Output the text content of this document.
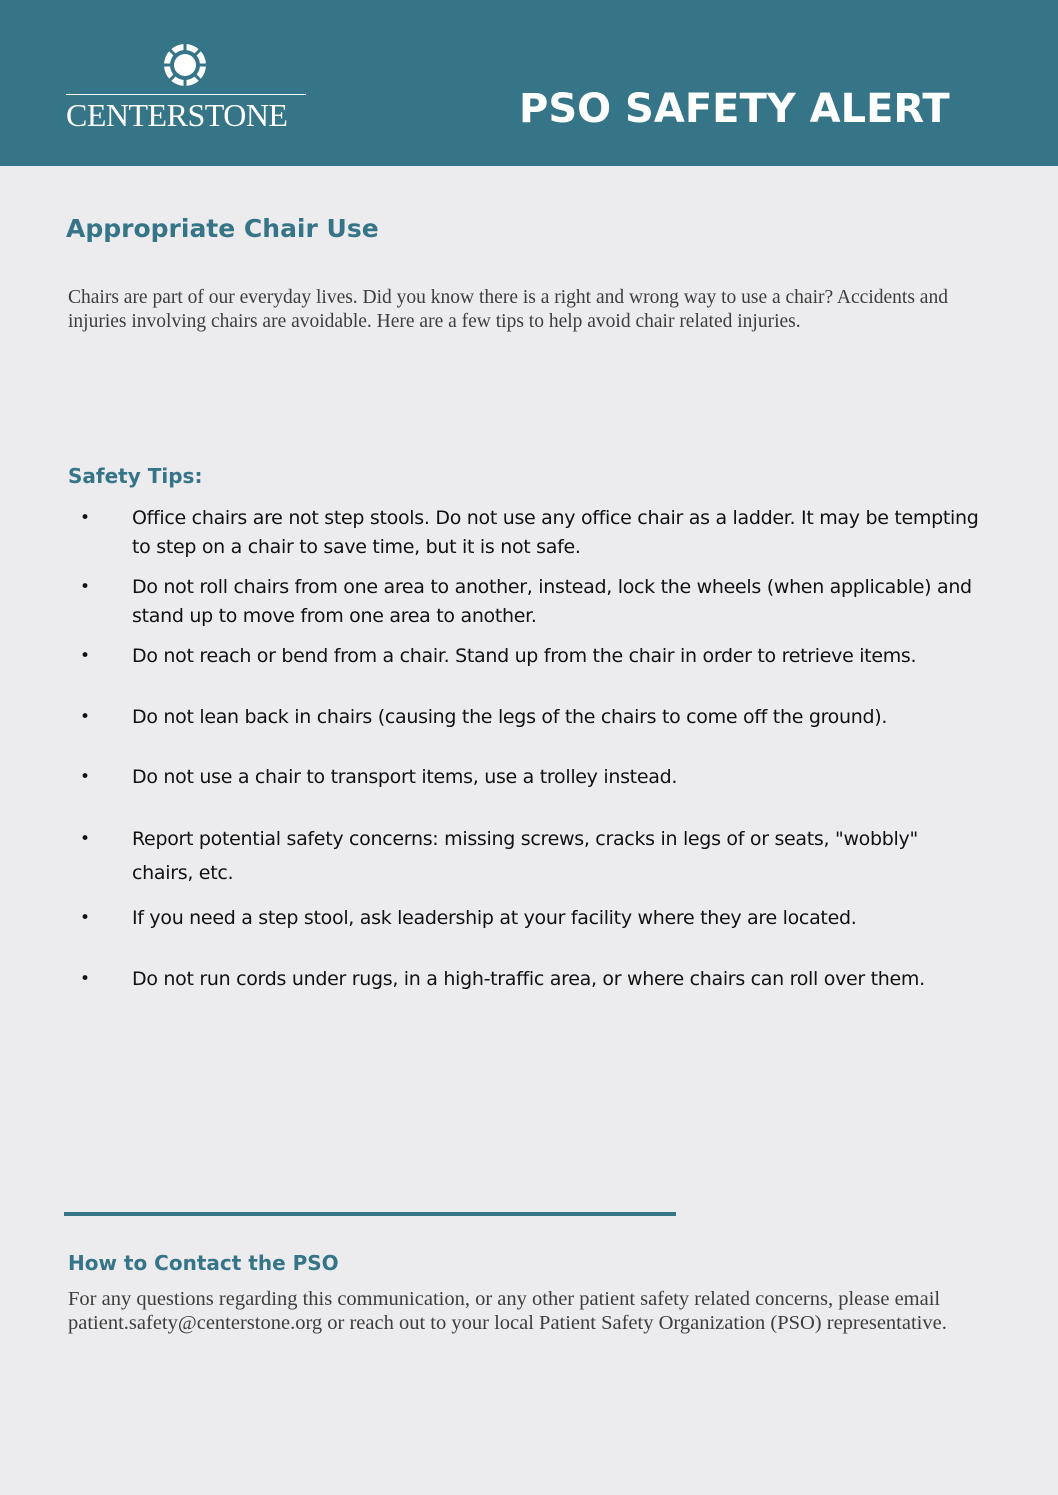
CENTERSTONE	PSO SAFETY ALERT
Appropriate Chair Use

Chairs are part of our everyday lives. Did you know there is a right and wrong way to use a chair? Accidents and injuries involving chairs are avoidable. Here are a few tips to help avoid chair related injuries.

Safety Tips:
• Office chairs are not step stools. Do not use any office chair as a ladder. It may be tempting to step on a chair to save time, but it is not safe.
• Do not roll chairs from one area to another, instead, lock the wheels (when applicable) and stand up to move from one area to another.
• Do not reach or bend from a chair. Stand up from the chair in order to retrieve items.
• Do not lean back in chairs (causing the legs of the chairs to come off the ground).
• Do not use a chair to transport items, use a trolley instead.
• Report potential safety concerns: missing screws, cracks in legs of or seats, "wobbly" chairs, etc.
• If you need a step stool, ask leadership at your facility where they are located.
• Do not run cords under rugs, in a high-traffic area, or where chairs can roll over them.
How to Contact the PSO

For any questions regarding this communication, or any other patient safety related concerns, please email patient.safety@centerstone.org or reach out to your local Patient Safety Organization (PSO) representative.
